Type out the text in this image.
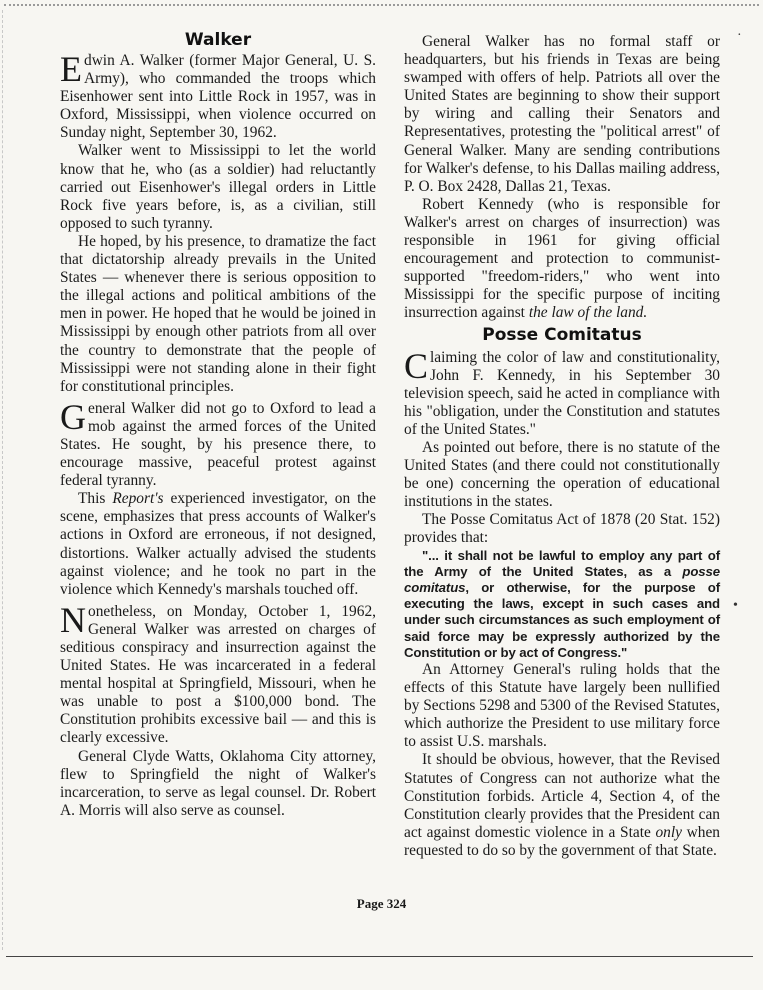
Walker

Edwin A. Walker (former Major General, U. S. Army), who commanded the troops which Eisenhower sent into Little Rock in 1957, was in Oxford, Mississippi, when violence occurred on Sunday night, September 30, 1962.

Walker went to Mississippi to let the world know that he, who (as a soldier) had reluctantly carried out Eisenhower's illegal orders in Little Rock five years before, is, as a civilian, still opposed to such tyranny.

He hoped, by his presence, to dramatize the fact that dictatorship already prevails in the United States — whenever there is serious opposition to the illegal actions and political ambitions of the men in power. He hoped that he would be joined in Mississippi by enough other patriots from all over the country to demonstrate that the people of Mississippi were not standing alone in their fight for constitutional principles.

General Walker did not go to Oxford to lead a mob against the armed forces of the United States. He sought, by his presence there, to encourage massive, peaceful protest against federal tyranny.

This Report's experienced investigator, on the scene, emphasizes that press accounts of Walker's actions in Oxford are erroneous, if not designed, distortions. Walker actually advised the students against violence; and he took no part in the violence which Kennedy's marshals touched off.

Nonetheless, on Monday, October 1, 1962, General Walker was arrested on charges of seditious conspiracy and insurrection against the United States. He was incarcerated in a federal mental hospital at Springfield, Missouri, when he was unable to post a $100,000 bond. The Constitution prohibits excessive bail — and this is clearly excessive.

General Clyde Watts, Oklahoma City attorney, flew to Springfield the night of Walker's incarceration, to serve as legal counsel. Dr. Robert A. Morris will also serve as counsel.

General Walker has no formal staff or headquarters, but his friends in Texas are being swamped with offers of help. Patriots all over the United States are beginning to show their support by wiring and calling their Senators and Representatives, protesting the "political arrest" of General Walker. Many are sending contributions for Walker's defense, to his Dallas mailing address, P. O. Box 2428, Dallas 21, Texas.

Robert Kennedy (who is responsible for Walker's arrest on charges of insurrection) was responsible in 1961 for giving official encouragement and protection to communist-supported "freedom-riders," who went into Mississippi for the specific purpose of inciting insurrection against the law of the land.

Posse Comitatus

Claiming the color of law and constitutionality, John F. Kennedy, in his September 30 television speech, said he acted in compliance with his "obligation, under the Constitution and statutes of the United States."

As pointed out before, there is no statute of the United States (and there could not constitutionally be one) concerning the operation of educational institutions in the states.

The Posse Comitatus Act of 1878 (20 Stat. 152) provides that:

"... it shall not be lawful to employ any part of the Army of the United States, as a posse comitatus, or otherwise, for the purpose of executing the laws, except in such cases and under such circumstances as such employment of said force may be expressly authorized by the Constitution or by act of Congress."

An Attorney General's ruling holds that the effects of this Statute have largely been nullified by Sections 5298 and 5300 of the Revised Statutes, which authorize the President to use military force to assist U.S. marshals.

It should be obvious, however, that the Revised Statutes of Congress can not authorize what the Constitution forbids. Article 4, Section 4, of the Constitution clearly provides that the President can act against domestic violence in a State only when requested to do so by the government of that State.

Page 324
·
•
